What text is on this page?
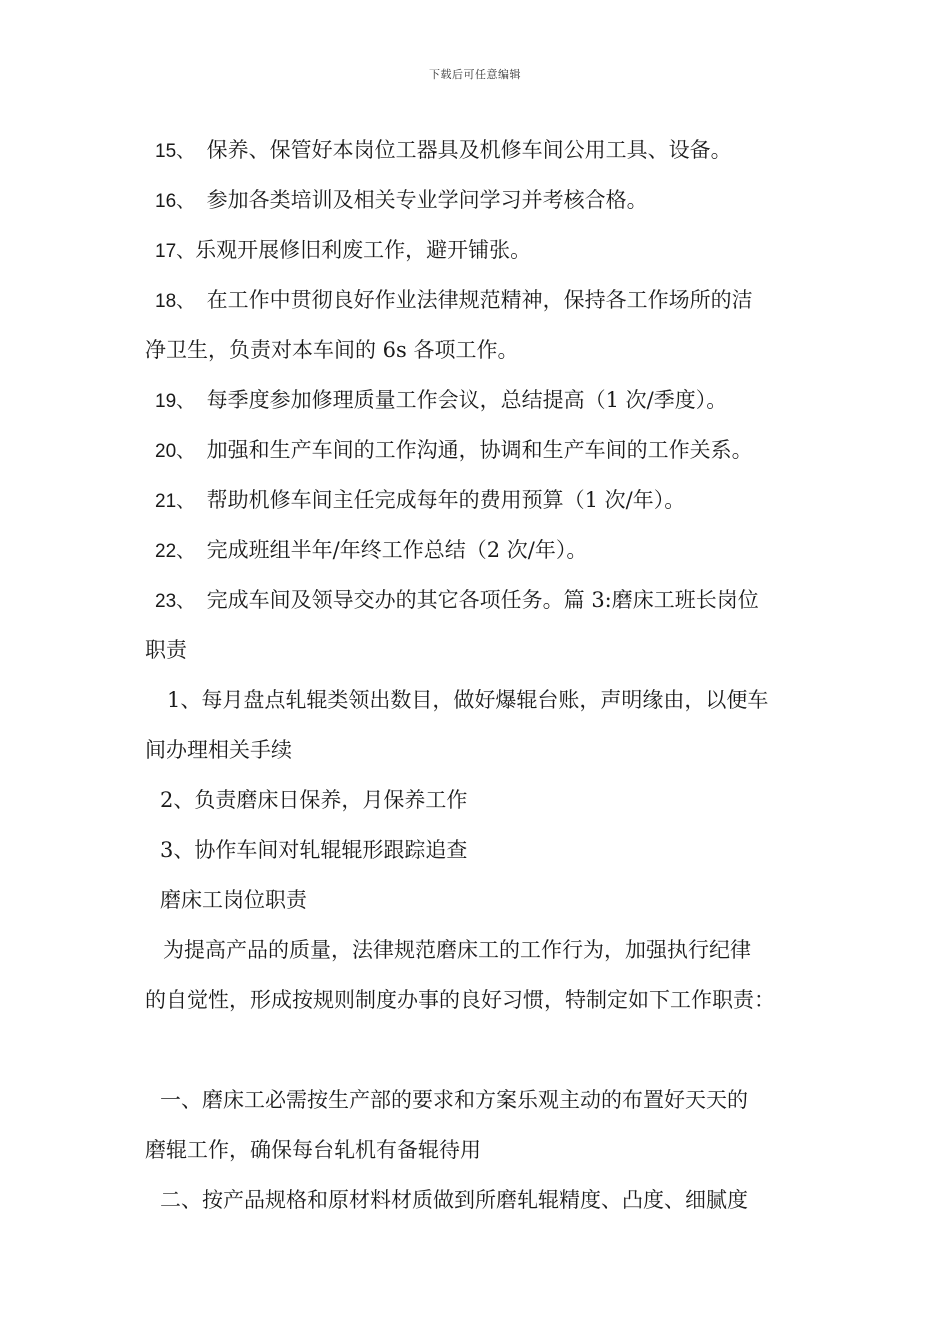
下载后可任意编辑
15、　保养、保管好本岗位工器具及机修车间公用工具、设备。
16、　参加各类培训及相关专业学问学习并考核合格。
17、乐观开展修旧利废工作，避开铺张。
18、　在工作中贯彻良好作业法律规范精神，保持各工作场所的洁
净卫生，负责对本车间的 6s 各项工作。
19、　每季度参加修理质量工作会议，总结提高（1 次/季度）。
20、　加强和生产车间的工作沟通，协调和生产车间的工作关系。
21、　帮助机修车间主任完成每年的费用预算（1 次/年）。
22、　完成班组半年/年终工作总结（2 次/年）。
23、　完成车间及领导交办的其它各项任务。篇 3:磨床工班长岗位
职责
1、每月盘点轧辊类领出数目，做好爆辊台账，声明缘由，以便车
间办理相关手续
2、负责磨床日保养，月保养工作
3、协作车间对轧辊辊形跟踪追查
磨床工岗位职责
为提高产品的质量，法律规范磨床工的工作行为，加强执行纪律
的自觉性，形成按规则制度办事的良好习惯，特制定如下工作职责：
一、磨床工必需按生产部的要求和方案乐观主动的布置好天天的
磨辊工作，确保每台轧机有备辊待用
二、按产品规格和原材料材质做到所磨轧辊精度、凸度、细腻度
